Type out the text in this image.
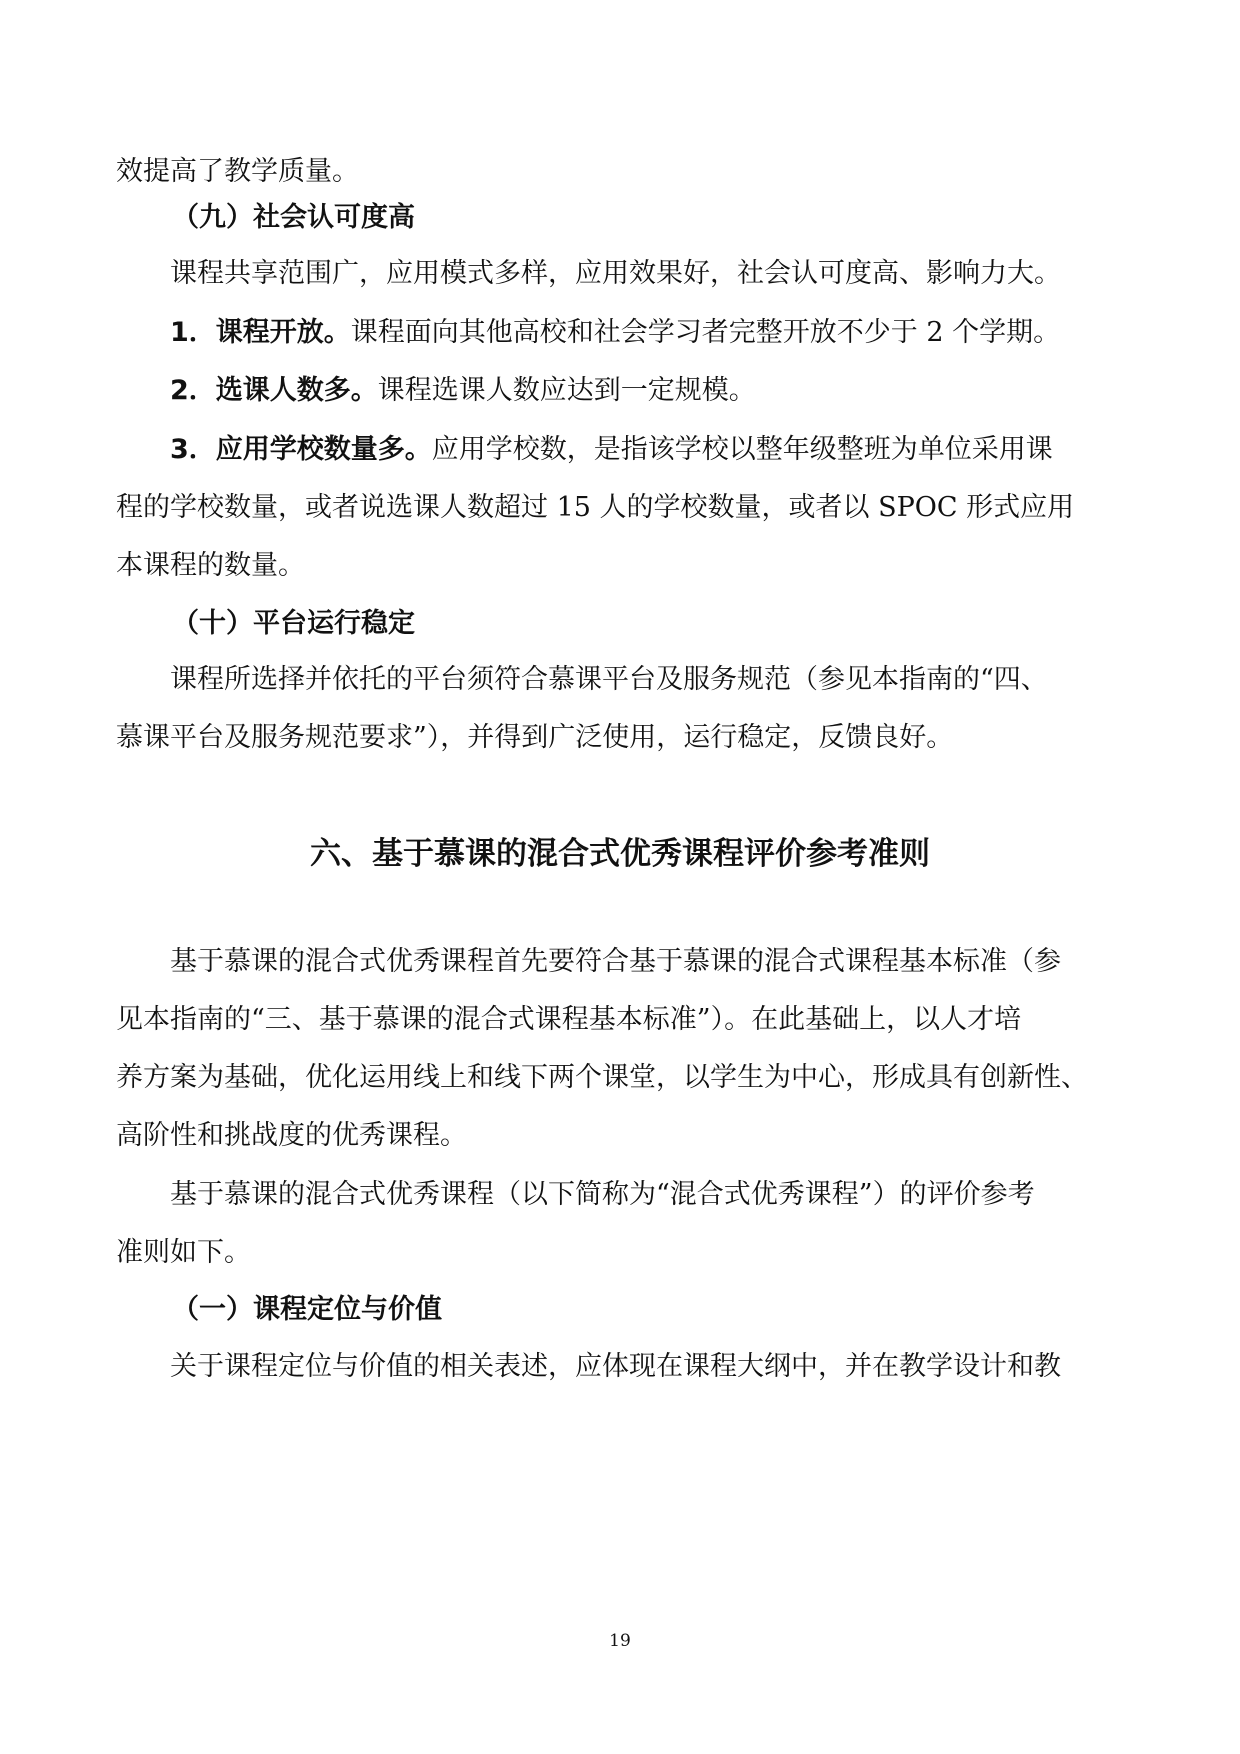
效提高了教学质量。
（九）社会认可度高
课程共享范围广，应用模式多样，应用效果好，社会认可度高、影响力大。
1．课程开放。课程面向其他高校和社会学习者完整开放不少于 2 个学期。
2．选课人数多。课程选课人数应达到一定规模。
3．应用学校数量多。应用学校数，是指该学校以整年级整班为单位采用课
程的学校数量，或者说选课人数超过 15 人的学校数量，或者以 SPOC 形式应用
本课程的数量。
（十）平台运行稳定
课程所选择并依托的平台须符合慕课平台及服务规范（参见本指南的“四、
慕课平台及服务规范要求”），并得到广泛使用，运行稳定，反馈良好。
六、基于慕课的混合式优秀课程评价参考准则
基于慕课的混合式优秀课程首先要符合基于慕课的混合式课程基本标准（参
见本指南的“三、基于慕课的混合式课程基本标准”）。在此基础上，以人才培
养方案为基础，优化运用线上和线下两个课堂，以学生为中心，形成具有创新性、
高阶性和挑战度的优秀课程。
基于慕课的混合式优秀课程（以下简称为“混合式优秀课程”）的评价参考
准则如下。
（一）课程定位与价值
关于课程定位与价值的相关表述，应体现在课程大纲中，并在教学设计和教
19
